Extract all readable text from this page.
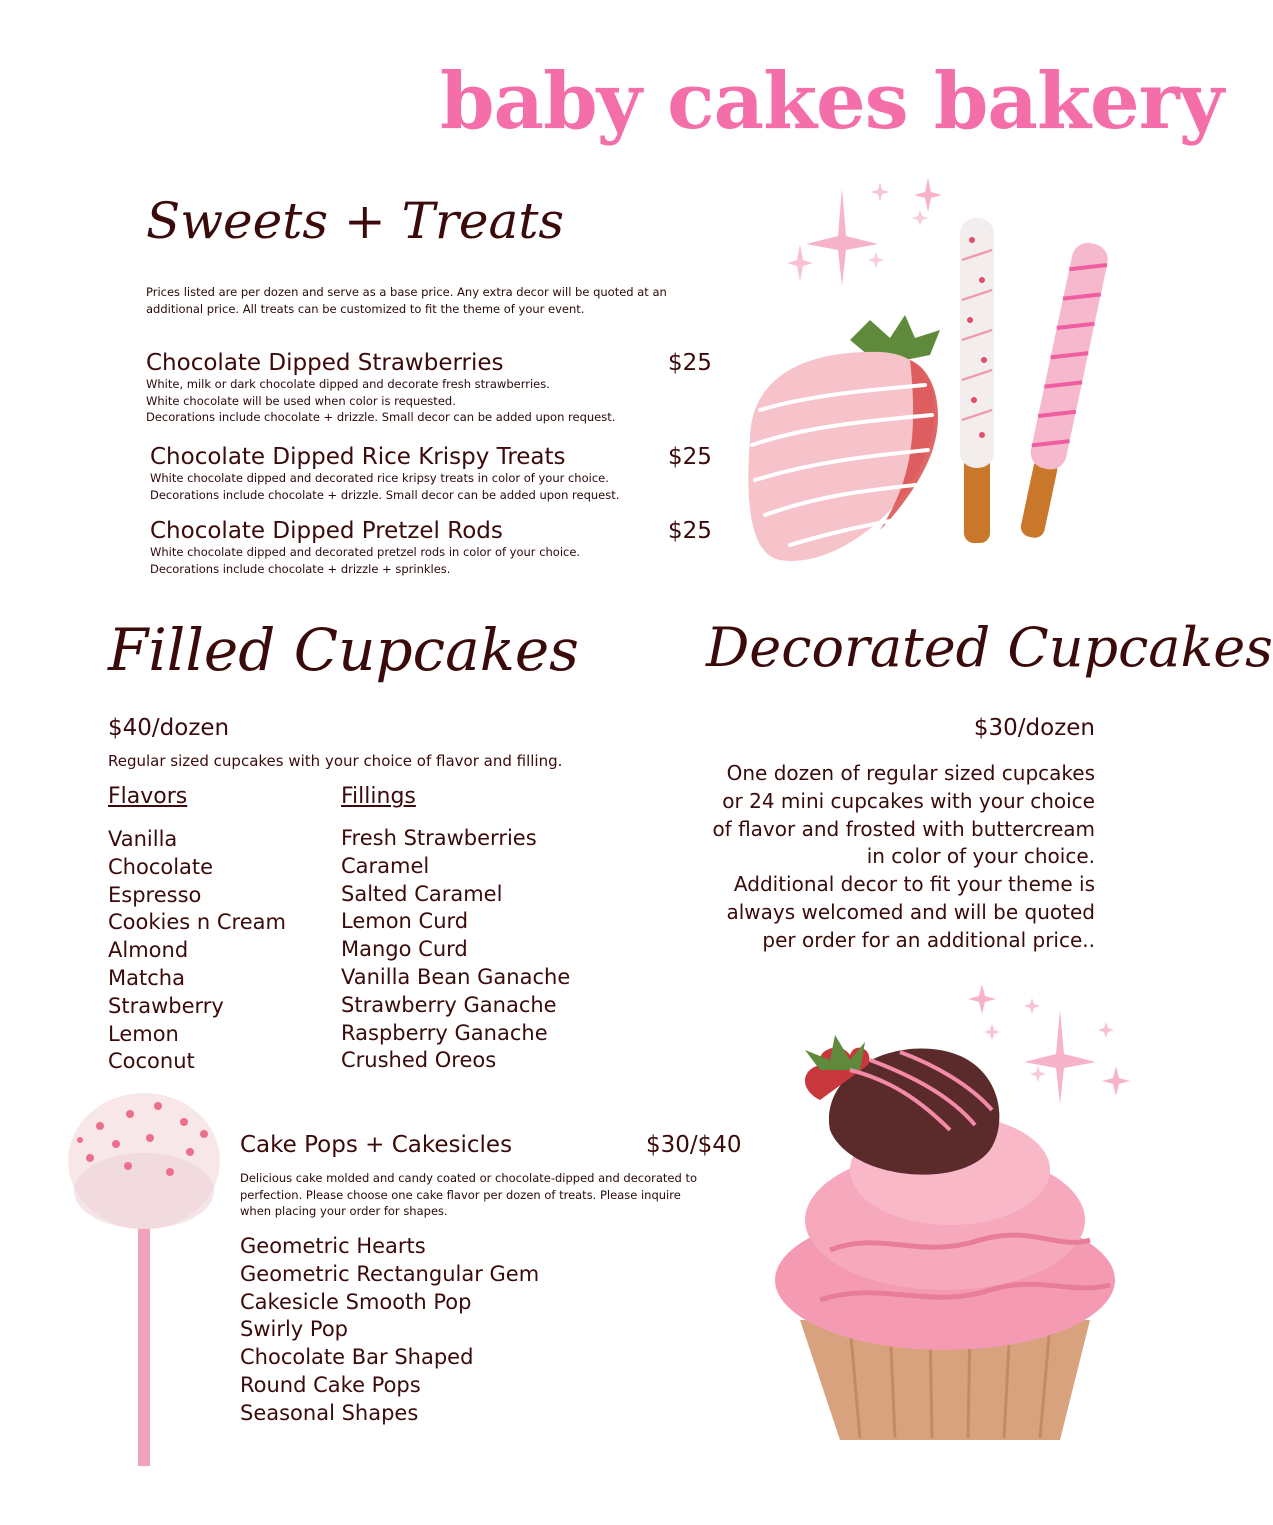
baby cakes bakery
Sweets + Treats
Prices listed are per dozen and serve as a base price. Any extra decor will be quoted at an
additional price. All treats can be customized to fit the theme of your event.
Chocolate Dipped Strawberries	$25
White, milk or dark chocolate dipped and decorate fresh strawberries.
White chocolate will be used when color is requested.
Decorations include chocolate + drizzle. Small decor can be added upon request.
Chocolate Dipped Rice Krispy Treats	$25
White chocolate dipped and decorated rice kripsy treats in color of your choice.
Decorations include chocolate + drizzle. Small decor can be added upon request.
Chocolate Dipped Pretzel Rods	$25
White chocolate dipped and decorated pretzel rods in color of your choice.
Decorations include chocolate + drizzle + sprinkles.
Filled Cupcakes
$40/dozen
Regular sized cupcakes with your choice of flavor and filling.
Flavors
Vanilla
Chocolate
Espresso
Cookies n Cream
Almond
Matcha
Strawberry
Lemon
Coconut
Fillings
Fresh Strawberries
Caramel
Salted Caramel
Lemon Curd
Mango Curd
Vanilla Bean Ganache
Strawberry Ganache
Raspberry Ganache
Crushed Oreos
Decorated Cupcakes
$30/dozen
One dozen of regular sized cupcakes
or 24 mini cupcakes with your choice
of flavor and frosted with buttercream
in color of your choice.
Additional decor to fit your theme is
always welcomed and will be quoted
per order for an additional price..
Cake Pops + Cakesicles	$30/$40
Delicious cake molded and candy coated or chocolate-dipped and decorated to
perfection. Please choose one cake flavor per dozen of treats. Please inquire
when placing your order for shapes.
Geometric Hearts
Geometric Rectangular Gem
Cakesicle Smooth Pop
Swirly Pop
Chocolate Bar Shaped
Round Cake Pops
Seasonal Shapes
